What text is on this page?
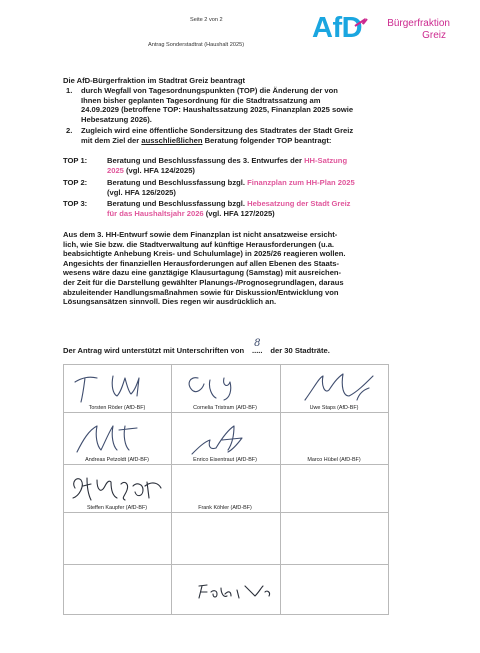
Seite 2 von 2
Antrag Sonderstadtrat (Haushalt 2025)
AfD	Bürgerfraktion
Greiz
Die AfD-Bürgerfraktion im Stadtrat Greiz beantragt
1.	durch Wegfall von Tagesordnungspunkten (TOP) die Änderung der von
Ihnen bisher geplanten Tagesordnung für die Stadtratssatzung am
24.09.2029 (betroffene TOP: Haushaltssatzung 2025, Finanzplan 2025 sowie
Hebesatzung 2026).
2.	Zugleich wird eine öffentliche Sondersitzung des Stadtrates der Stadt Greiz
mit dem Ziel der ausschließlichen Beratung folgender TOP beantragt:
TOP 1:	Beratung und Beschlussfassung des 3. Entwurfes der HH-Satzung
2025 (vgl. HFA 124/2025)
TOP 2:	Beratung und Beschlussfassung bzgl. Finanzplan zum HH-Plan 2025
(vgl. HFA 126/2025)
TOP 3:	Beratung und Beschlussfassung bzgl. Hebesatzung der Stadt Greiz
für das Haushaltsjahr 2026 (vgl. HFA 127/2025)
Aus dem 3. HH-Entwurf sowie dem Finanzplan ist nicht ansatzweise ersicht-
lich, wie Sie bzw. die Stadtverwaltung auf künftige Herausforderungen (u.a.
beabsichtigte Anhebung Kreis- und Schulumlage) in 2025/26 reagieren wollen.
Angesichts der finanziellen Herausforderungen auf allen Ebenen des Staats-
wesens wäre dazu eine ganztägige Klausurtagung (Samstag) mit ausreichen-
der Zeit für die Darstellung gewählter Planungs-/Prognosegrundlagen, daraus
abzuleitender Handlungsmaßnahmen sowie für Diskussion/Entwicklung von
Lösungsansätzen sinnvoll. Dies regen wir ausdrücklich an.
Der Antrag wird unterstützt mit Unterschriften von
8
..... der 30 Stadträte.
Torsten Röder (AfD-BF)	Cornelia Tristram (AfD-BF)	Uwe Staps (AfD-BF)
Andreas Petzoldt (AfD-BF)	Enrico Eisentraut (AfD-BF)	Marco Hübel (AfD-BF)
Steffen Kaupfer (AfD-BF)	Frank Köhler (AfD-BF)
